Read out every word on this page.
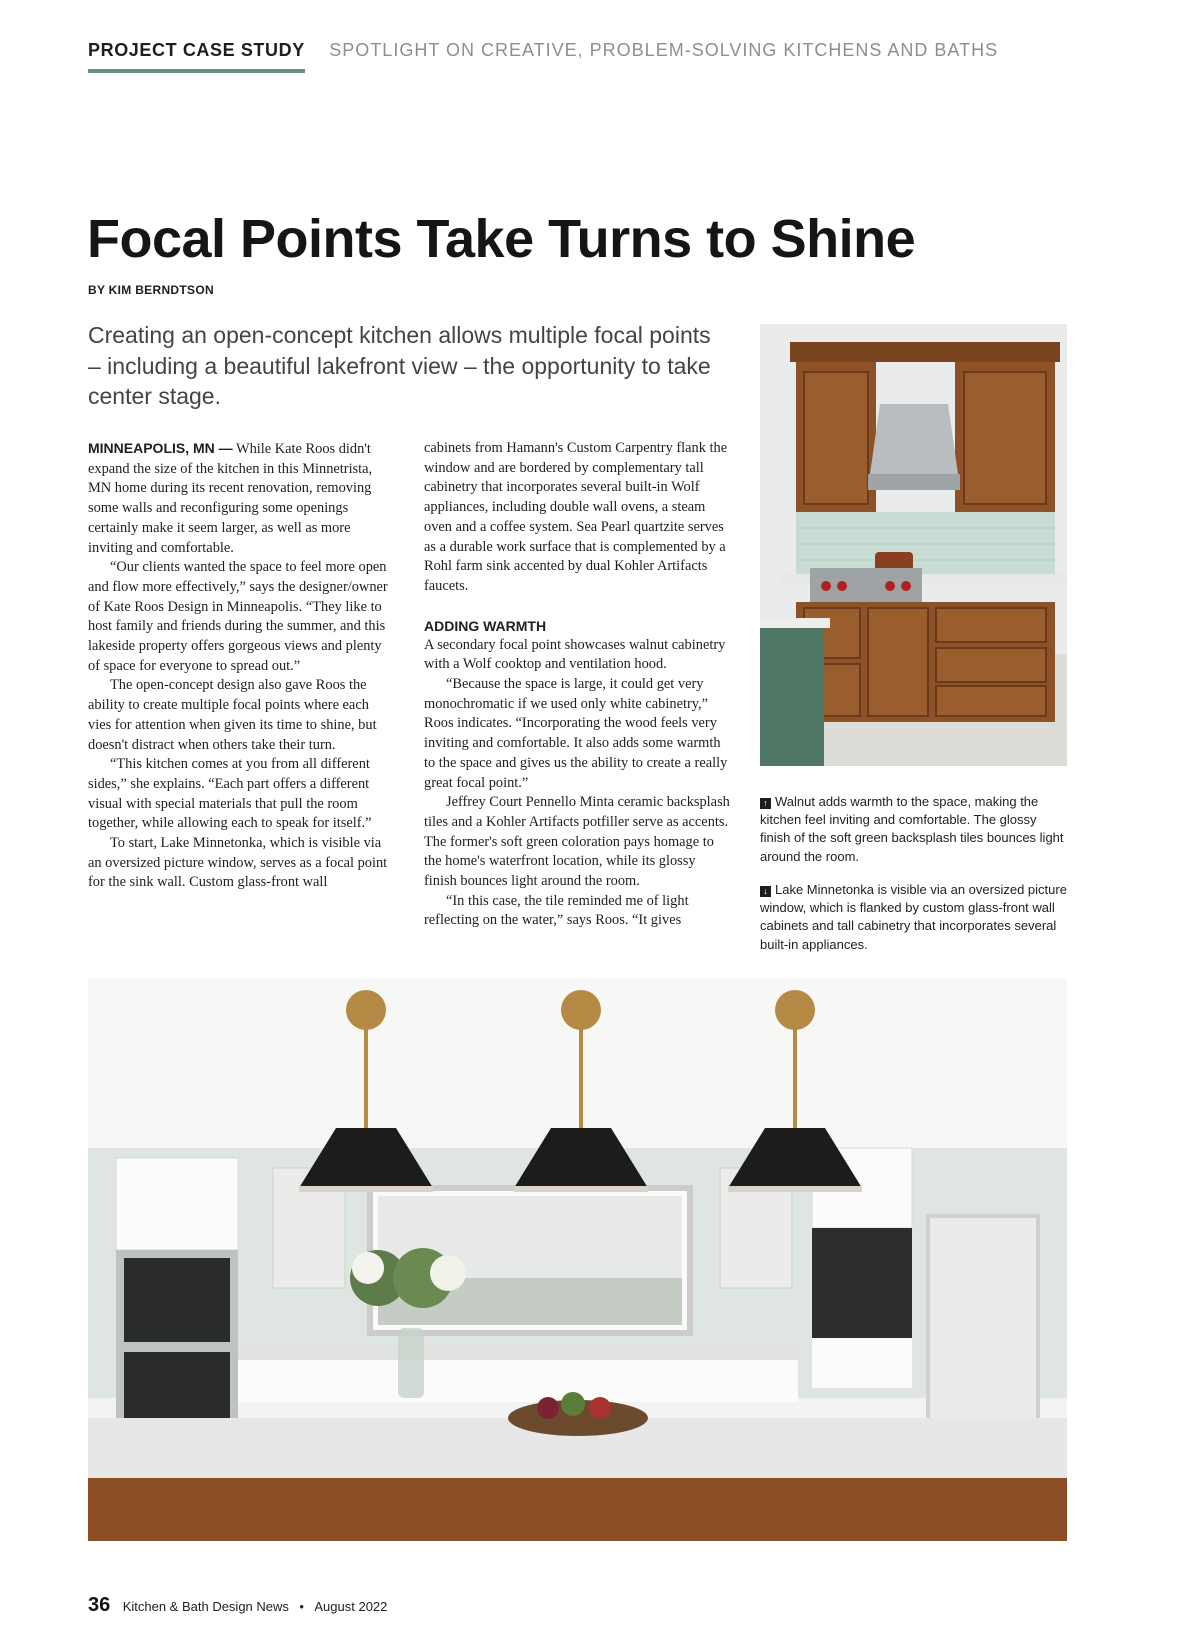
PROJECT CASE STUDY SPOTLIGHT ON CREATIVE, PROBLEM-SOLVING KITCHENS AND BATHS
Focal Points Take Turns to Shine
BY KIM BERNDTSON
Creating an open-concept kitchen allows multiple focal points – including a beautiful lakefront view – the opportunity to take center stage.

MINNEAPOLIS, MN — While Kate Roos didn't expand the size of the kitchen in this Minnetrista, MN home during its recent renovation, removing some walls and reconfiguring some openings certainly make it seem larger, as well as more inviting and comfortable.

“Our clients wanted the space to feel more open and flow more effectively,” says the designer/owner of Kate Roos Design in Minneapolis. “They like to host family and friends during the summer, and this lakeside property offers gorgeous views and plenty of space for everyone to spread out.”

The open-concept design also gave Roos the ability to create multiple focal points where each vies for attention when given its time to shine, but doesn't distract when others take their turn.

“This kitchen comes at you from all different sides,” she explains. “Each part offers a different visual with special materials that pull the room together, while allowing each to speak for itself.”

To start, Lake Minnetonka, which is visible via an oversized picture window, serves as a focal point for the sink wall. Custom glass-front wall

cabinets from Hamann's Custom Carpentry flank the window and are bordered by complementary tall cabinetry that incorporates several built-in Wolf appliances, including double wall ovens, a steam oven and a coffee system. Sea Pearl quartzite serves as a durable work surface that is complemented by a Rohl farm sink accented by dual Kohler Artifacts faucets.

ADDING WARMTH

A secondary focal point showcases walnut cabinetry with a Wolf cooktop and ventilation hood.

“Because the space is large, it could get very monochromatic if we used only white cabinetry,” Roos indicates. “Incorporating the wood feels very inviting and comfortable. It also adds some warmth to the space and gives us the ability to create a really great focal point.”

Jeffrey Court Pennello Minta ceramic backsplash tiles and a Kohler Artifacts potfiller serve as accents. The former's soft green coloration pays homage to the home's waterfront location, while its glossy finish bounces light around the room.

“In this case, the tile reminded me of light reflecting on the water,” says Roos. “It gives

↑ Walnut adds warmth to the space, making the kitchen feel inviting and comfortable. The glossy finish of the soft green backsplash tiles bounces light around the room.
↓ Lake Minnetonka is visible via an oversized picture window, which is flanked by custom glass-front wall cabinets and tall cabinetry that incorporates several built-in appliances.
36 Kitchen & Bath Design News • August 2022
